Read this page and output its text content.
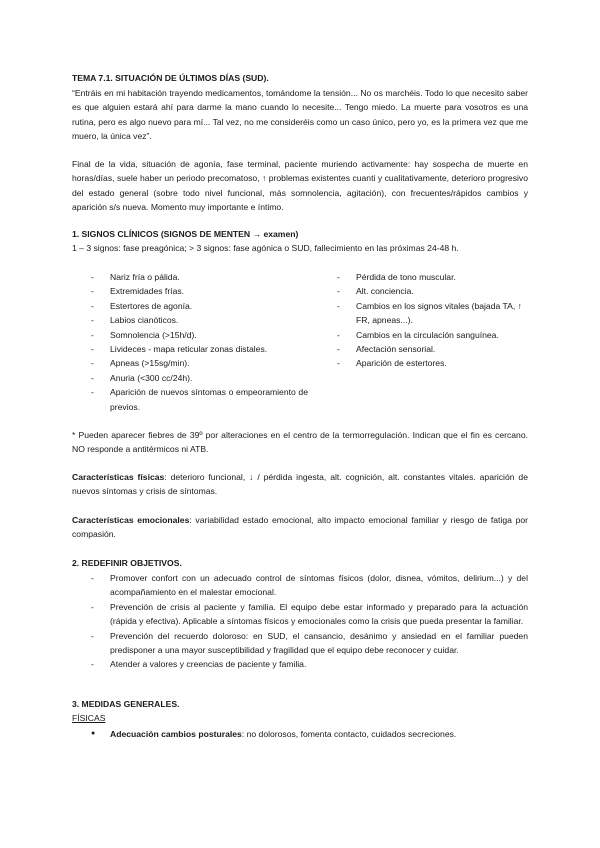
TEMA 7.1. SITUACIÓN DE ÚLTIMOS DÍAS (SUD).

“Entráis en mi habitación trayendo medicamentos, tomándome la tensión... No os marchéis. Todo lo que necesito saber es que alguien estará ahí para darme la mano cuando lo necesite... Tengo miedo. La muerte para vosotros es una rutina, pero es algo nuevo para mí... Tal vez, no me consideréis como un caso único, pero yo, es la primera vez que me muero, la única vez”.

Final de la vida, situación de agonía, fase terminal, paciente muriendo activamente: hay sospecha de muerte en horas/días, suele haber un periodo precomatoso, ↑ problemas existentes cuanti y cualitativamente, deterioro progresivo del estado general (sobre todo nivel funcional, más somnolencia, agitación), con frecuentes/rápidos cambios y aparición s/s nueva. Momento muy importante e íntimo.

1. SIGNOS CLÍNICOS (SIGNOS DE MENTEN → examen)

1 – 3 signos: fase preagónica; > 3 signos: fase agónica o SUD, fallecimiento en las próximas 24-48 h.

- Nariz fría o pálida.
- Extremidades frías.
- Estertores de agonía.
- Labios cianóticos.
- Somnolencia (>15h/d).
- Livideces - mapa reticular zonas distales.
- Apneas (>15sg/min).
- Anuria (<300 cc/24h).
- Aparición de nuevos síntomas o empeoramiento de previos.
- Pérdida de tono muscular.
- Alt. conciencia.
- Cambios en los signos vitales (bajada TA, ↑ FR, apneas...).
- Cambios en la circulación sanguínea.
- Afectación sensorial.
- Aparición de estertores.

* Pueden aparecer fiebres de 39º por alteraciones en el centro de la termorregulación. Indican que el fin es cercano. NO responde a antitérmicos ni ATB.

Características físicas: deterioro funcional, ↓ / pérdida ingesta, alt. cognición, alt. constantes vitales. aparición de nuevos síntomas y crisis de síntomas.

Características emocionales: variabilidad estado emocional, alto impacto emocional familiar y riesgo de fatiga por compasión.

2. REDEFINIR OBJETIVOS.

- Promover confort con un adecuado control de síntomas físicos (dolor, disnea, vómitos, delirium...) y del acompañamiento en el malestar emocional.
- Prevención de crisis al paciente y familia. El equipo debe estar informado y preparado para la actuación (rápida y efectiva). Aplicable a síntomas físicos y emocionales como la crisis que pueda presentar la familiar.
- Prevención del recuerdo doloroso: en SUD, el cansancio, desánimo y ansiedad en el familiar pueden predisponer a una mayor susceptibilidad y fragilidad que el equipo debe reconocer y cuidar.
- Atender a valores y creencias de paciente y familia.

3. MEDIDAS GENERALES.

FÍSICAS

● Adecuación cambios posturales: no dolorosos, fomenta contacto, cuidados secreciones.
